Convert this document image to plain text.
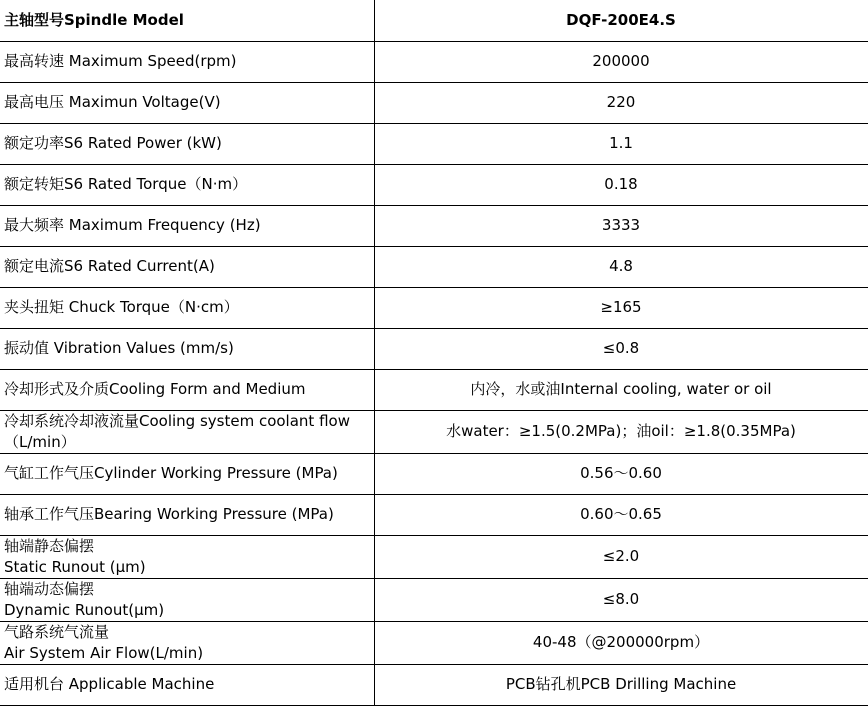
主轴型号Spindle Model	DQF-200E4.S
最高转速 Maximum Speed(rpm)	200000
最高电压 Maximun Voltage(V)	220
额定功率S6 Rated Power (kW)	1.1
额定转矩S6 Rated Torque（N·m）	0.18
最大频率 Maximum Frequency (Hz)	3333
额定电流S6 Rated Current(A)	4.8
夹头扭矩 Chuck Torque（N·cm）	≥165
振动值 Vibration Values (mm/s)	≤0.8
冷却形式及介质Cooling Form and Medium	内冷，水或油Internal cooling, water or oil
冷却系统冷却液流量Cooling system coolant flow（L/min）	水water：≥1.5(0.2MPa)；油oil：≥1.8(0.35MPa)
气缸工作气压Cylinder Working Pressure (MPa)	0.56～0.60
轴承工作气压Bearing Working Pressure (MPa)	0.60～0.65

轴端静态偏摆
Static Runout (μm)	≤2.0

轴端动态偏摆
Dynamic Runout(μm)	≤8.0

气路系统气流量
Air System Air Flow(L/min)	40-48（@200000rpm）
适用机台 Applicable Machine	PCB钻孔机PCB Drilling Machine
